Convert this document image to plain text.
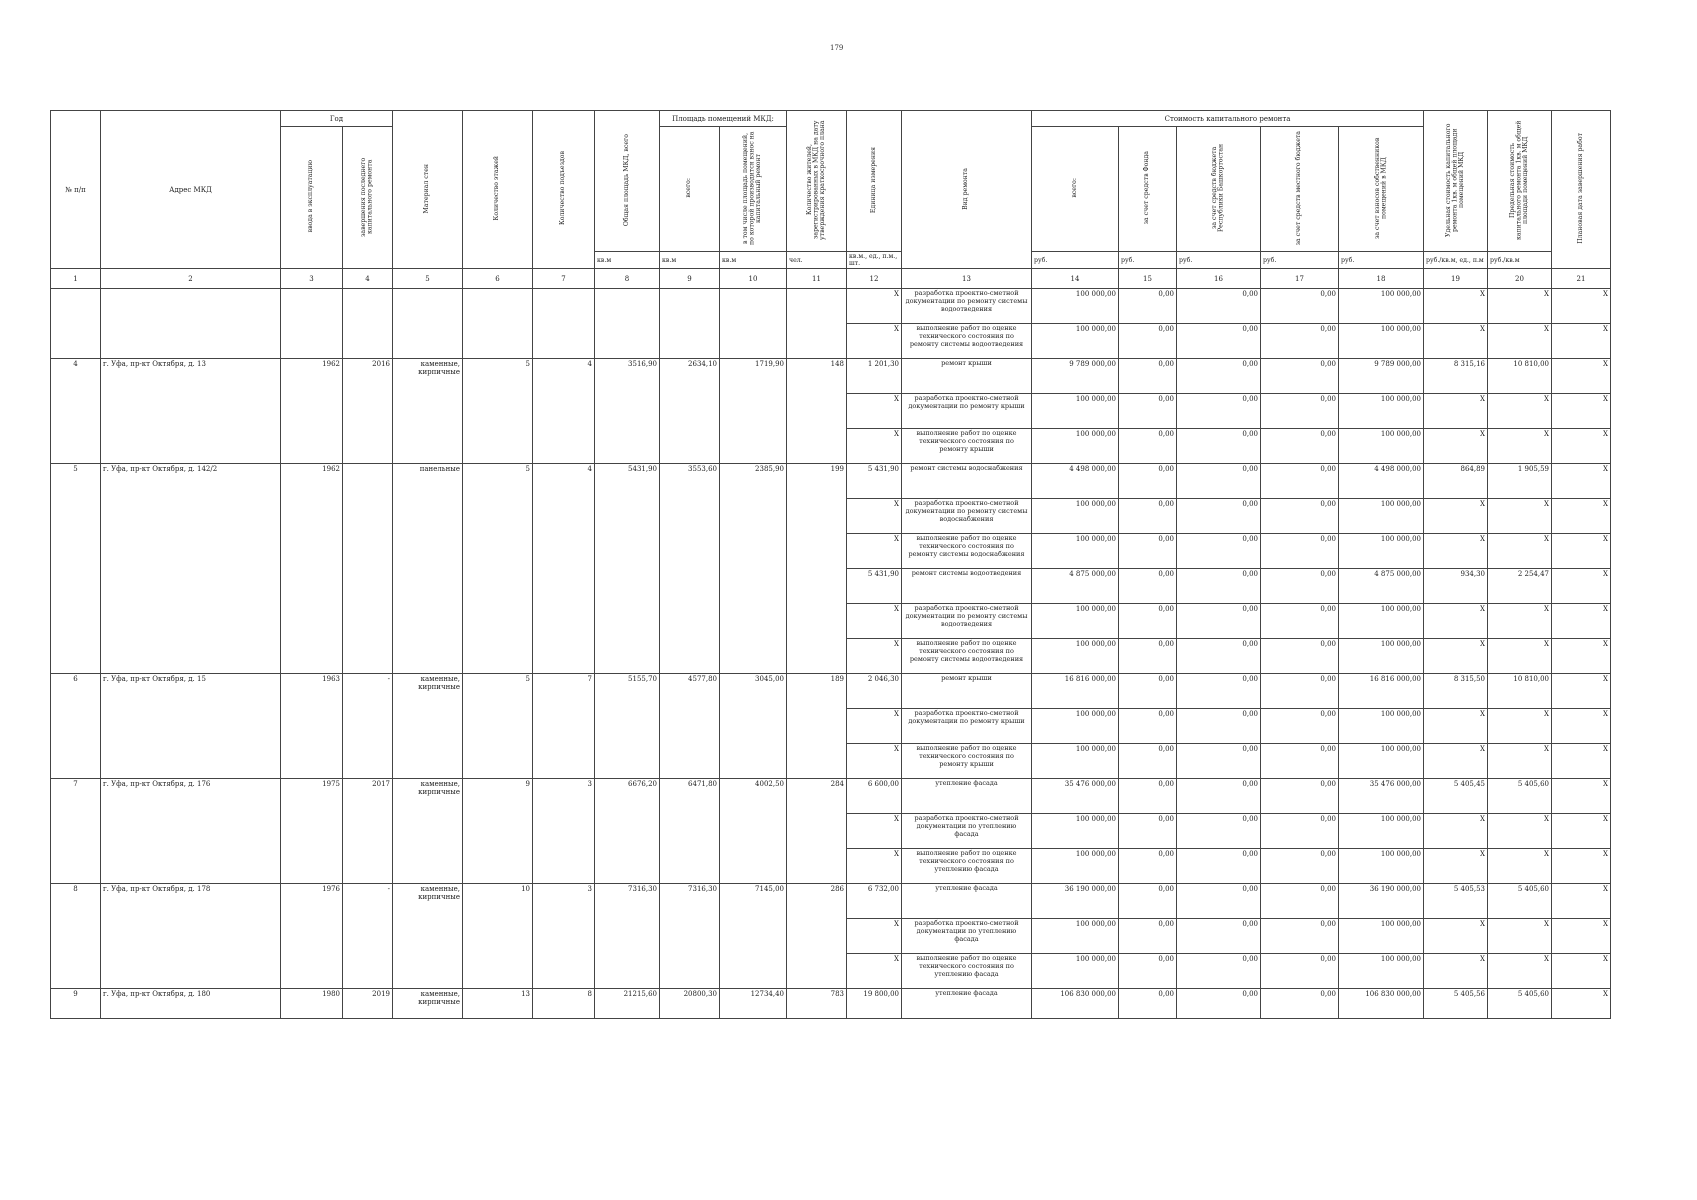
179
№ п/п	Адрес МКД	Год		Материал стен	Количество этажей	Количество подъездов	Общая площадь МКД, всего	Площадь помещений МКД:		Количество жителей, зарегистрированных в МКД на дату утверждения краткосрочного плана	Единица измерения	Вид ремонта	Стоимость капитального ремонта					Удельная стоимость капитального ремонта 1кв. м общей площади помещений МКД	Предельная стоимость капитального ремонта 1кв. м общей площади помещений МКД	Плановая дата завершения работ
		ввода в эксплуатацию	завершения последнего капитального ремонта					всего:	в том числе площадь помещений, по которой производится взнос на капитальный ремонт				всего:	за счет средств Фонда	за счет средств бюджета Республики Башкортостан	за счет средств местного бюджета	за счет взносов собственников помещений в МКД			
							кв.м	кв.м	кв.м	чел.	кв.м., ед., п.м., шт.		руб.	руб.	руб.	руб.	руб.	руб./кв.м, ед., п.м	руб./кв.м	
1	2	3	4	5	6	7	8	9	10	11	12	13	14	15	16	17	18	19	20	21
											X	разработка проектно-сметной документации по ремонту системы водоотведения	100 000,00	0,00	0,00	0,00	100 000,00	X	X	X
											X	выполнение работ по оценке технического состояния по ремонту системы водоотведения	100 000,00	0,00	0,00	0,00	100 000,00	X	X	X
4	г. Уфа, пр-кт Октября, д. 13	1962	2016	каменные, кирпичные	5	4	3516,90	2634,10	1719,90	148	1 201,30	ремонт крыши	9 789 000,00	0,00	0,00	0,00	9 789 000,00	8 315,16	10 810,00	X
											X	разработка проектно-сметной документации по ремонту крыши	100 000,00	0,00	0,00	0,00	100 000,00	X	X	X
											X	выполнение работ по оценке технического состояния по ремонту крыши	100 000,00	0,00	0,00	0,00	100 000,00	X	X	X
5	г. Уфа, пр-кт Октября, д. 142/2	1962		панельные	5	4	5431,90	3553,60	2385,90	199	5 431,90	ремонт системы водоснабжения	4 498 000,00	0,00	0,00	0,00	4 498 000,00	864,89	1 905,59	X
											X	разработка проектно-сметной документации по ремонту системы водоснабжения	100 000,00	0,00	0,00	0,00	100 000,00	X	X	X
											X	выполнение работ по оценке технического состояния по ремонту системы водоснабжения	100 000,00	0,00	0,00	0,00	100 000,00	X	X	X
											5 431,90	ремонт системы водоотведения	4 875 000,00	0,00	0,00	0,00	4 875 000,00	934,30	2 254,47	X
											X	разработка проектно-сметной документации по ремонту системы водоотведения	100 000,00	0,00	0,00	0,00	100 000,00	X	X	X
											X	выполнение работ по оценке технического состояния по ремонту системы водоотведения	100 000,00	0,00	0,00	0,00	100 000,00	X	X	X
6	г. Уфа, пр-кт Октября, д. 15	1963	-	каменные, кирпичные	5	7	5155,70	4577,80	3045,00	189	2 046,30	ремонт крыши	16 816 000,00	0,00	0,00	0,00	16 816 000,00	8 315,50	10 810,00	X
											X	разработка проектно-сметной документации по ремонту крыши	100 000,00	0,00	0,00	0,00	100 000,00	X	X	X
											X	выполнение работ по оценке технического состояния по ремонту крыши	100 000,00	0,00	0,00	0,00	100 000,00	X	X	X
7	г. Уфа, пр-кт Октября, д. 176	1975	2017	каменные, кирпичные	9	3	6676,20	6471,80	4002,50	284	6 600,00	утепление фасада	35 476 000,00	0,00	0,00	0,00	35 476 000,00	5 405,45	5 405,60	X
											X	разработка проектно-сметной документации по утеплению фасада	100 000,00	0,00	0,00	0,00	100 000,00	X	X	X
											X	выполнение работ по оценке технического состояния по утеплению фасада	100 000,00	0,00	0,00	0,00	100 000,00	X	X	X
8	г. Уфа, пр-кт Октября, д. 178	1976	-	каменные, кирпичные	10	3	7316,30	7316,30	7145,00	286	6 732,00	утепление фасада	36 190 000,00	0,00	0,00	0,00	36 190 000,00	5 405,53	5 405,60	X
											X	разработка проектно-сметной документации по утеплению фасада	100 000,00	0,00	0,00	0,00	100 000,00	X	X	X
											X	выполнение работ по оценке технического состояния по утеплению фасада	100 000,00	0,00	0,00	0,00	100 000,00	X	X	X
9	г. Уфа, пр-кт Октября, д. 180	1980	2019	каменные, кирпичные	13	8	21215,60	20800,30	12734,40	783	19 800,00	утепление фасада	106 830 000,00	0,00	0,00	0,00	106 830 000,00	5 405,56	5 405,60	X
